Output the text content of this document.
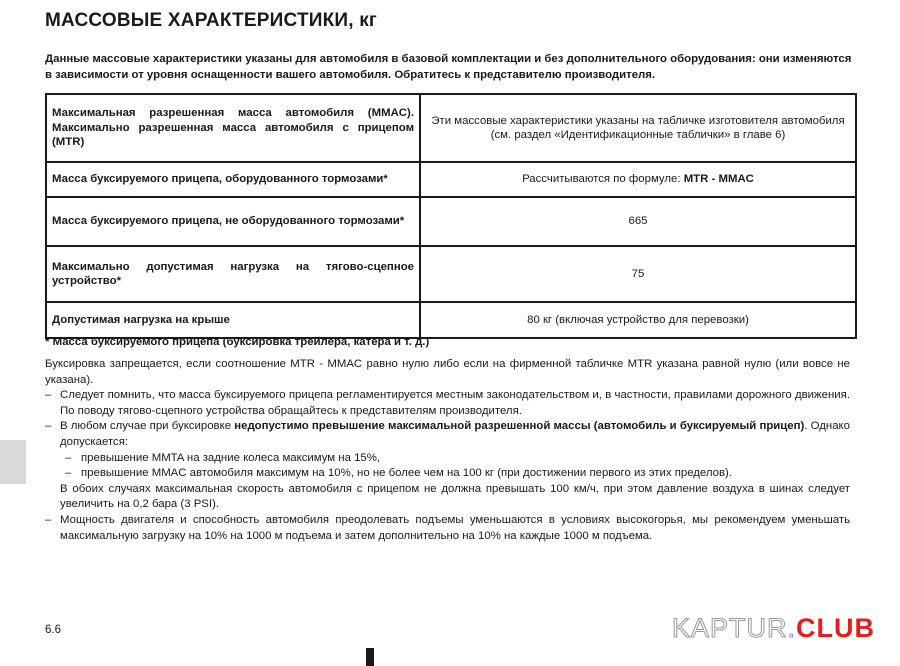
МАССОВЫЕ ХАРАКТЕРИСТИКИ, кг

Данные массовые характеристики указаны для автомобиля в базовой комплектации и без дополнительного оборудования: они изменяются в зависимости от уровня оснащенности вашего автомобиля. Обратитесь к представителю производителя.

Максимальная разрешенная масса автомобиля (MMAC). Максимально разрешенная масса автомобиля с прицепом (MTR)	Эти массовые характеристики указаны на табличке изготовителя автомобиля (см. раздел «Идентификационные таблички» в главе 6)
Масса буксируемого прицепа, оборудованного тормозами*	Рассчитываются по формуле: MTR - MMAC
Масса буксируемого прицепа, не оборудованного тормозами*	665
Максимально допустимая нагрузка на тягово-сцепное устройство*	75
Допустимая нагрузка на крыше	80 кг (включая устройство для перевозки)

* Масса буксируемого прицепа (буксировка трейлера, катера и т. д.)

Буксировка запрещается, если соотношение MTR - MMAC равно нулю либо если на фирменной табличке MTR указана равной нулю (или вовсе не указана).

– Следует помнить, что масса буксируемого прицепа регламентируется местным законодательством и, в частности, правилами дорожного движения. По поводу тягово-сцепного устройства обращайтесь к представителям производителя.
– В любом случае при буксировке недопустимо превышение максимальной разрешенной массы (автомобиль и буксируемый прицеп). Однако допускается:
– превышение MMTA на задние колеса максимум на 15%,
– превышение MMAC автомобиля максимум на 10%, но не более чем на 100 кг (при достижении первого из этих пределов).
В обоих случаях максимальная скорость автомобиля с прицепом не должна превышать 100 км/ч, при этом давление воздуха в шинах следует увеличить на 0,2 бара (3 PSI).
– Мощность двигателя и способность автомобиля преодолевать подъемы уменьшаются в условиях высокогорья, мы рекомендуем уменьшать максимальную загрузку на 10% на 1000 м подъема и затем дополнительно на 10% на каждые 1000 м подъема.
6.6	KAPTUR.CLUB
